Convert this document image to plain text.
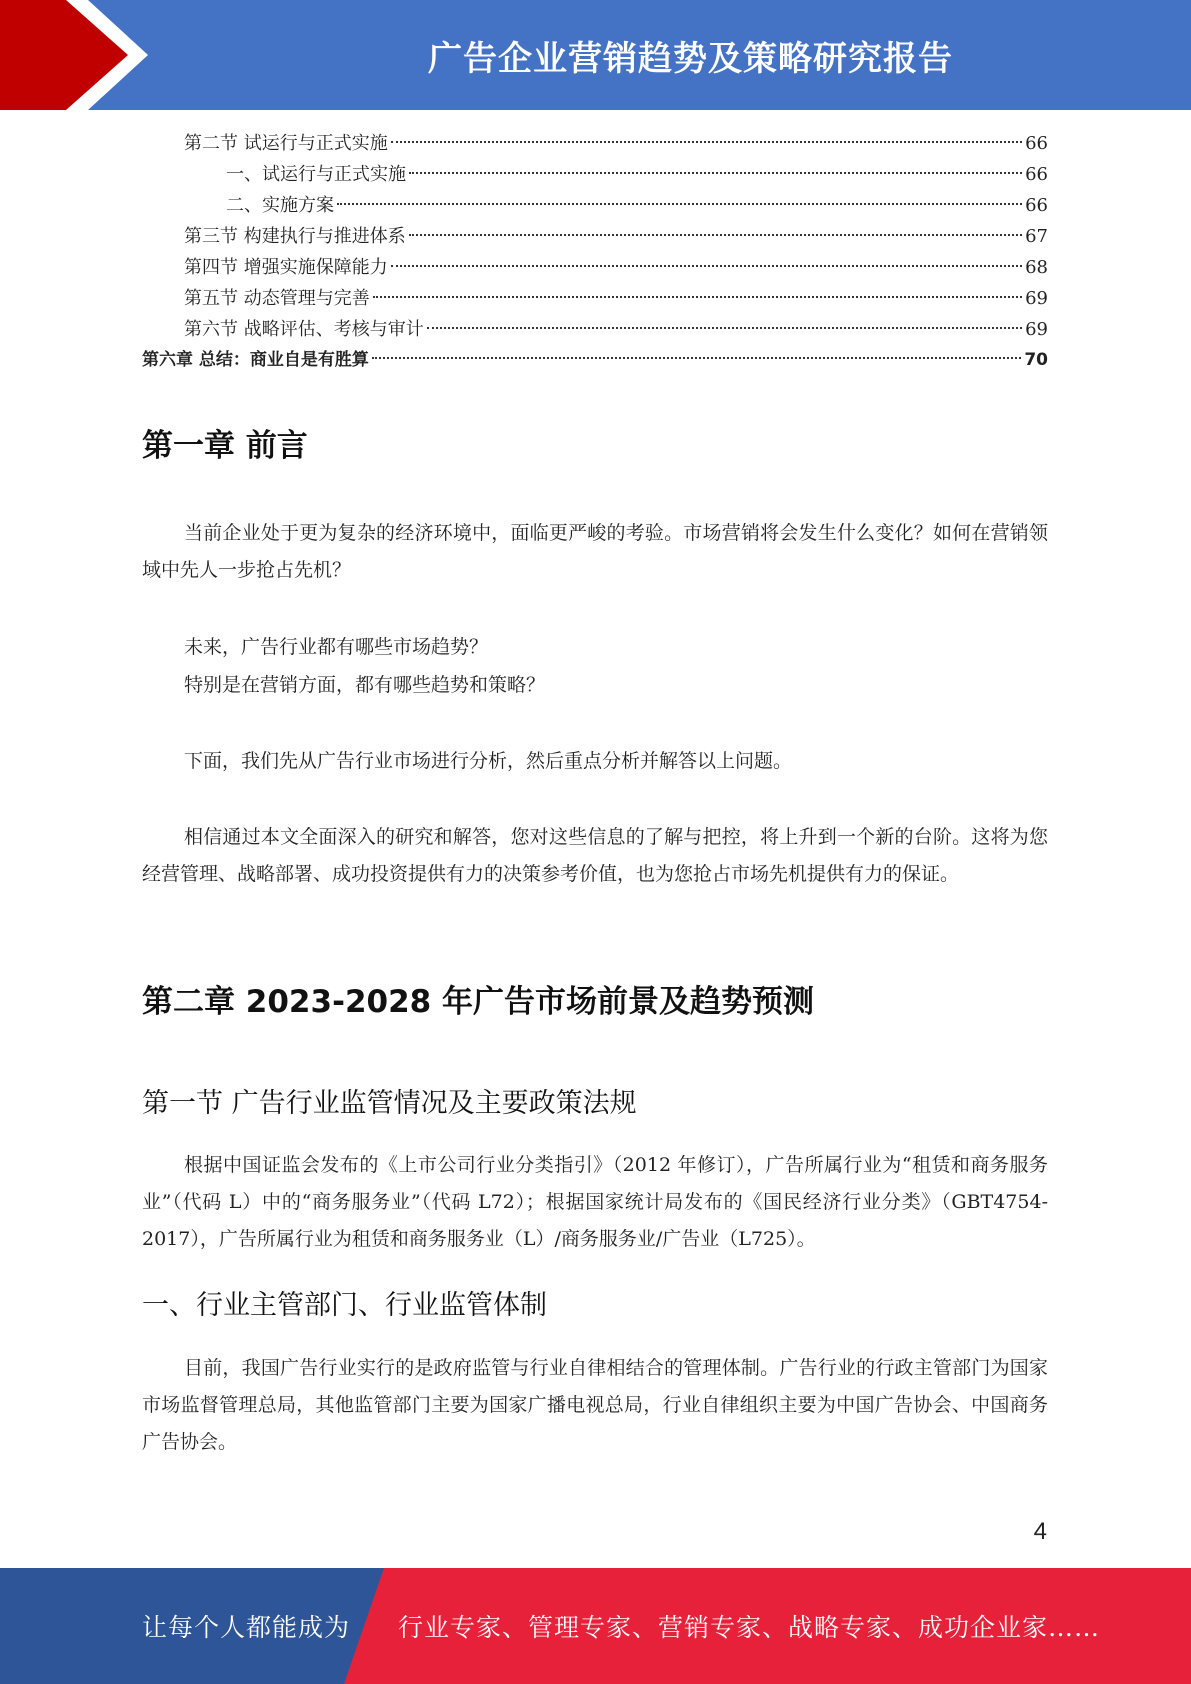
广告企业营销趋势及策略研究报告
第二节 试运行与正式实施	66
一、试运行与正式实施	66
二、实施方案	66
第三节 构建执行与推进体系	67
第四节 增强实施保障能力	68
第五节 动态管理与完善	69
第六节 战略评估、考核与审计	69
第六章 总结：商业自是有胜算	70
第一章 前言

当前企业处于更为复杂的经济环境中，面临更严峻的考验。市场营销将会发生什么变化？如何在营销领域中先人一步抢占先机？

未来，广告行业都有哪些市场趋势？

特别是在营销方面，都有哪些趋势和策略？

下面，我们先从广告行业市场进行分析，然后重点分析并解答以上问题。

相信通过本文全面深入的研究和解答，您对这些信息的了解与把控，将上升到一个新的台阶。这将为您经营管理、战略部署、成功投资提供有力的决策参考价值，也为您抢占市场先机提供有力的保证。

第二章 2023-2028 年广告市场前景及趋势预测
第一节 广告行业监管情况及主要政策法规

根据中国证监会发布的《上市公司行业分类指引》（2012 年修订），广告所属行业为“租赁和商务服务业”（代码 L）中的“商务服务业”（代码 L72）；根据国家统计局发布的《国民经济行业分类》（GBT4754-2017），广告所属行业为租赁和商务服务业（L）/商务服务业/广告业（L725）。

一、行业主管部门、行业监管体制

目前，我国广告行业实行的是政府监管与行业自律相结合的管理体制。广告行业的行政主管部门为国家市场监督管理总局，其他监管部门主要为国家广播电视总局，行业自律组织主要为中国广告协会、中国商务广告协会。

4
让每个人都能成为 行业专家、管理专家、营销专家、战略专家、成功企业家……
